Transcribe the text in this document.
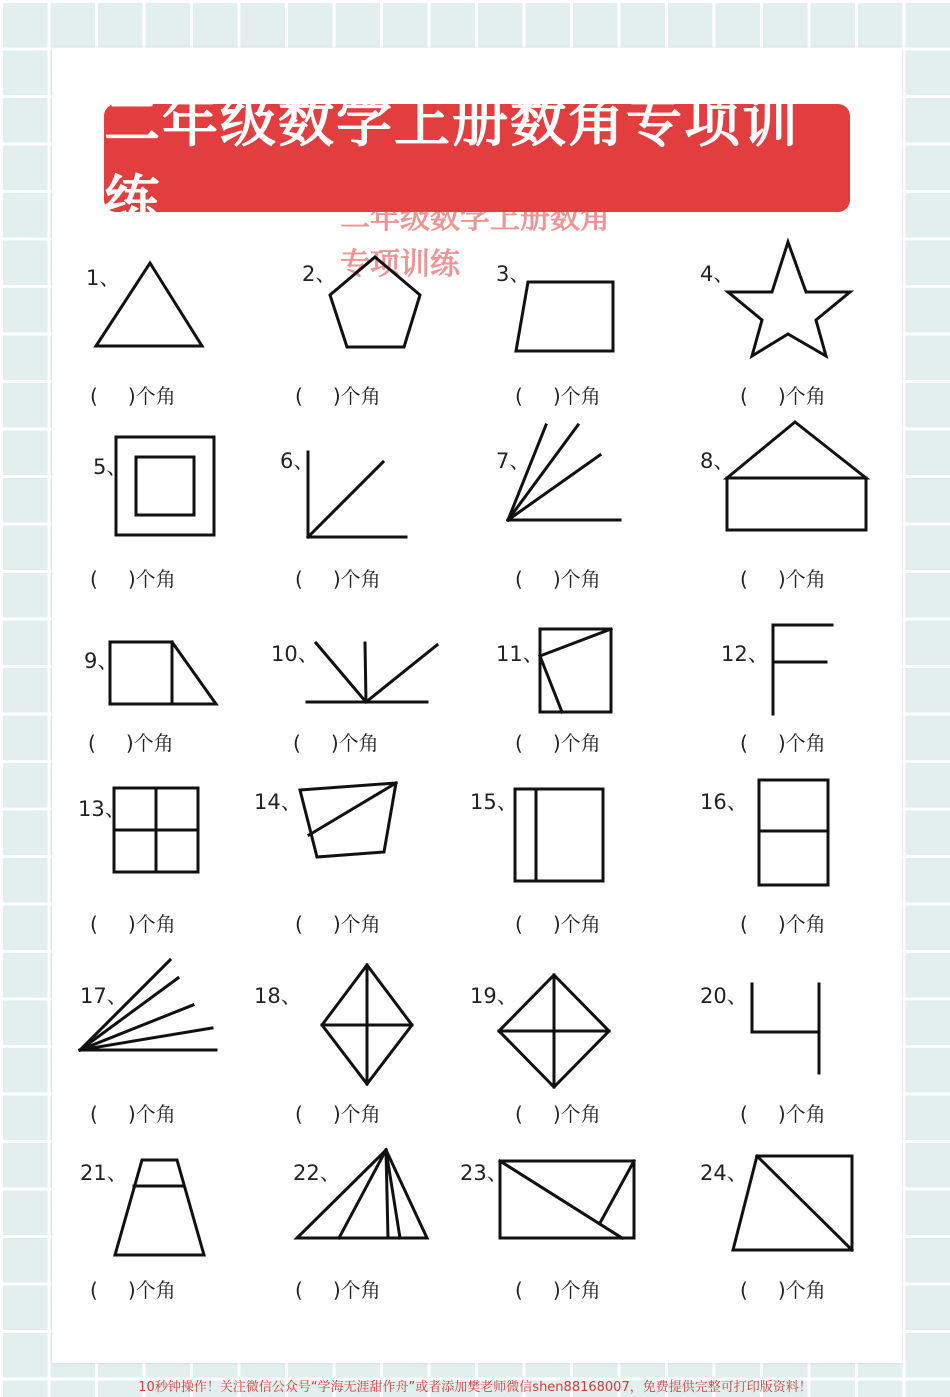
二年级数学上册数角专项训练	二年级数学上册数角专项训练
1、	2、	3、	4、
5、	6、	7、	8、
9、	10、	11、	12、
13、	14、	15、	16、
17、	18、	19、	20、
21、	22、	23、	24、
( )个角	( )个角	( )个角	( )个角
( )个角	( )个角	( )个角	( )个角
( )个角	( )个角	( )个角	( )个角
( )个角	( )个角	( )个角	( )个角
( )个角	( )个角	( )个角	( )个角
( )个角	( )个角	( )个角	( )个角
10秒钟操作！关注微信公众号“学海无涯甜作舟”或者添加樊老师微信shen88168007，免费提供完整可打印版资料！
